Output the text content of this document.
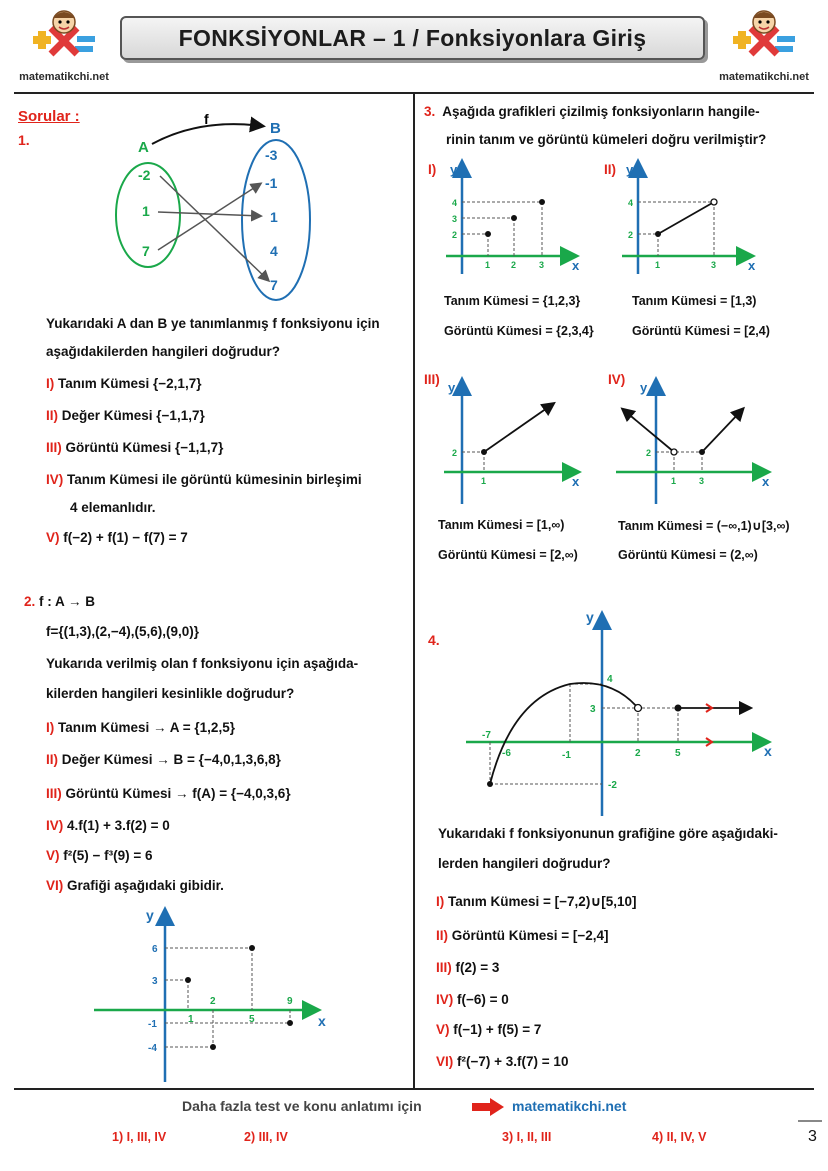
matematikchi.net
FONKSİYONLAR – 1 / Fonksiyonlara Giriş
matematikchi.net
Sorular :
1.	A
B
f
-2
1
7
-3
-1
1
4
7
Yukarıdaki A dan B ye tanımlanmış f fonksiyonu için
aşağıdakilerden hangileri doğrudur?
I) Tanım Kümesi {−2,1,7}
II) Değer Kümesi {−1,1,7}
III) Görüntü Kümesi {−1,1,7}
IV) Tanım Kümesi ile görüntü kümesinin birleşimi
4 elemanlıdır.
V) f(−2) + f(1) − f(7) = 7
2. f : A → B
f={(1,3),(2,−4),(5,6),(9,0)}
Yukarıda verilmiş olan f fonksiyonu için aşağıda-
kilerden hangileri kesinlikle doğrudur?
I) Tanım Kümesi → A = {1,2,5}
II) Değer Kümesi → B = {−4,0,1,3,6,8}
III) Görüntü Kümesi → f(A) = {−4,0,3,6}
IV) 4.f(1) + 3.f(2) = 0
V) f²(5) − f³(9) = 6
VI) Grafiği aşağıdaki gibidir.
y
x
6
3
-1
-4
1
2
5
9
3. Aşağıda grafikleri çizilmiş fonksiyonların hangile-
rinin tanım ve görüntü kümeleri doğru verilmiştir?
I) y
x
4
3
2
1 2	3
Tanım Kümesi = {1,2,3}
Görüntü Kümesi = {2,3,4}
II) y
x
4
2
1	3
Tanım Kümesi = [1,3)
Görüntü Kümesi = [2,4)
III)
y
x
2
1
Tanım Kümesi = [1,∞)
Görüntü Kümesi = [2,∞)
IV)
y
x
2
1	3
Tanım Kümesi = (−∞,1)∪[3,∞)
Görüntü Kümesi = (2,∞)
4.
y
x
-7
-6	-1	2	5
4
3
-2
Yukarıdaki f fonksiyonunun grafiğine göre aşağıdaki-
lerden hangileri doğrudur?
I) Tanım Kümesi = [−7,2)∪[5,10]
II) Görüntü Kümesi = [−2,4]
III) f(2) = 3
IV) f(−6) = 0
V) f(−1) + f(5) = 7
VI) f²(−7) + 3.f(7) = 10
Daha fazla test ve konu anlatımı için	matematikchi.net
1) I, III, IV	2) III, IV	3) I, II, III	4) II, IV, V	3
